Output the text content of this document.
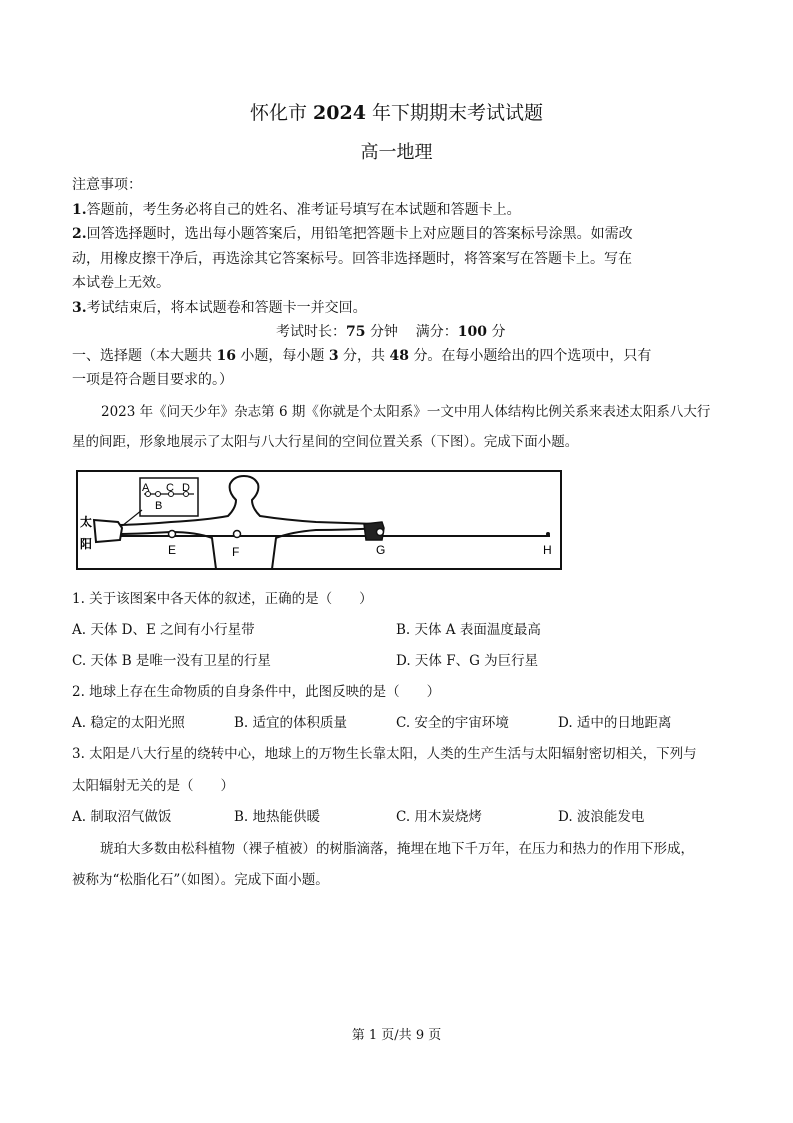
怀化市 2024 年下期期末考试试题
高一地理
注意事项：
1.答题前，考生务必将自己的姓名、准考证号填写在本试题和答题卡上。
2.回答选择题时，选出每小题答案后，用铅笔把答题卡上对应题目的答案标号涂黑。如需改
动，用橡皮擦干净后，再选涂其它答案标号。回答非选择题时，将答案写在答题卡上。写在
本试卷上无效。
3.考试结束后，将本试题卷和答题卡一并交回。
考试时长：75 分钟 满分：100 分
一、选择题（本大题共 16 小题，每小题 3 分，共 48 分。在每小题给出的四个选项中，只有
一项是符合题目要求的。）
2023 年《问天少年》杂志第 6 期《你就是个太阳系》一文中用人体结构比例关系来表述太阳系八大行
星的间距，形象地展示了太阳与八大行星间的空间位置关系（下图）。完成下面小题。
太
阳
A
B
C D
E	F	G	H
1. 关于该图案中各天体的叙述，正确的是（　　）
A. 天体 D、E 之间有小行星带	B. 天体 A 表面温度最高
C. 天体 B 是唯一没有卫星的行星	D. 天体 F、G 为巨行星
2. 地球上存在生命物质的自身条件中，此图反映的是（　　）
A. 稳定的太阳光照	B. 适宜的体积质量	C. 安全的宇宙环境	D. 适中的日地距离
3. 太阳是八大行星的绕转中心，地球上的万物生长靠太阳，人类的生产生活与太阳辐射密切相关，下列与
太阳辐射无关的是（　　）
A. 制取沼气做饭	B. 地热能供暖	C. 用木炭烧烤	D. 波浪能发电
琥珀大多数由松科植物（裸子植被）的树脂滴落，掩埋在地下千万年，在压力和热力的作用下形成，
被称为“松脂化石”（如图）。完成下面小题。
第 1 页/共 9 页
